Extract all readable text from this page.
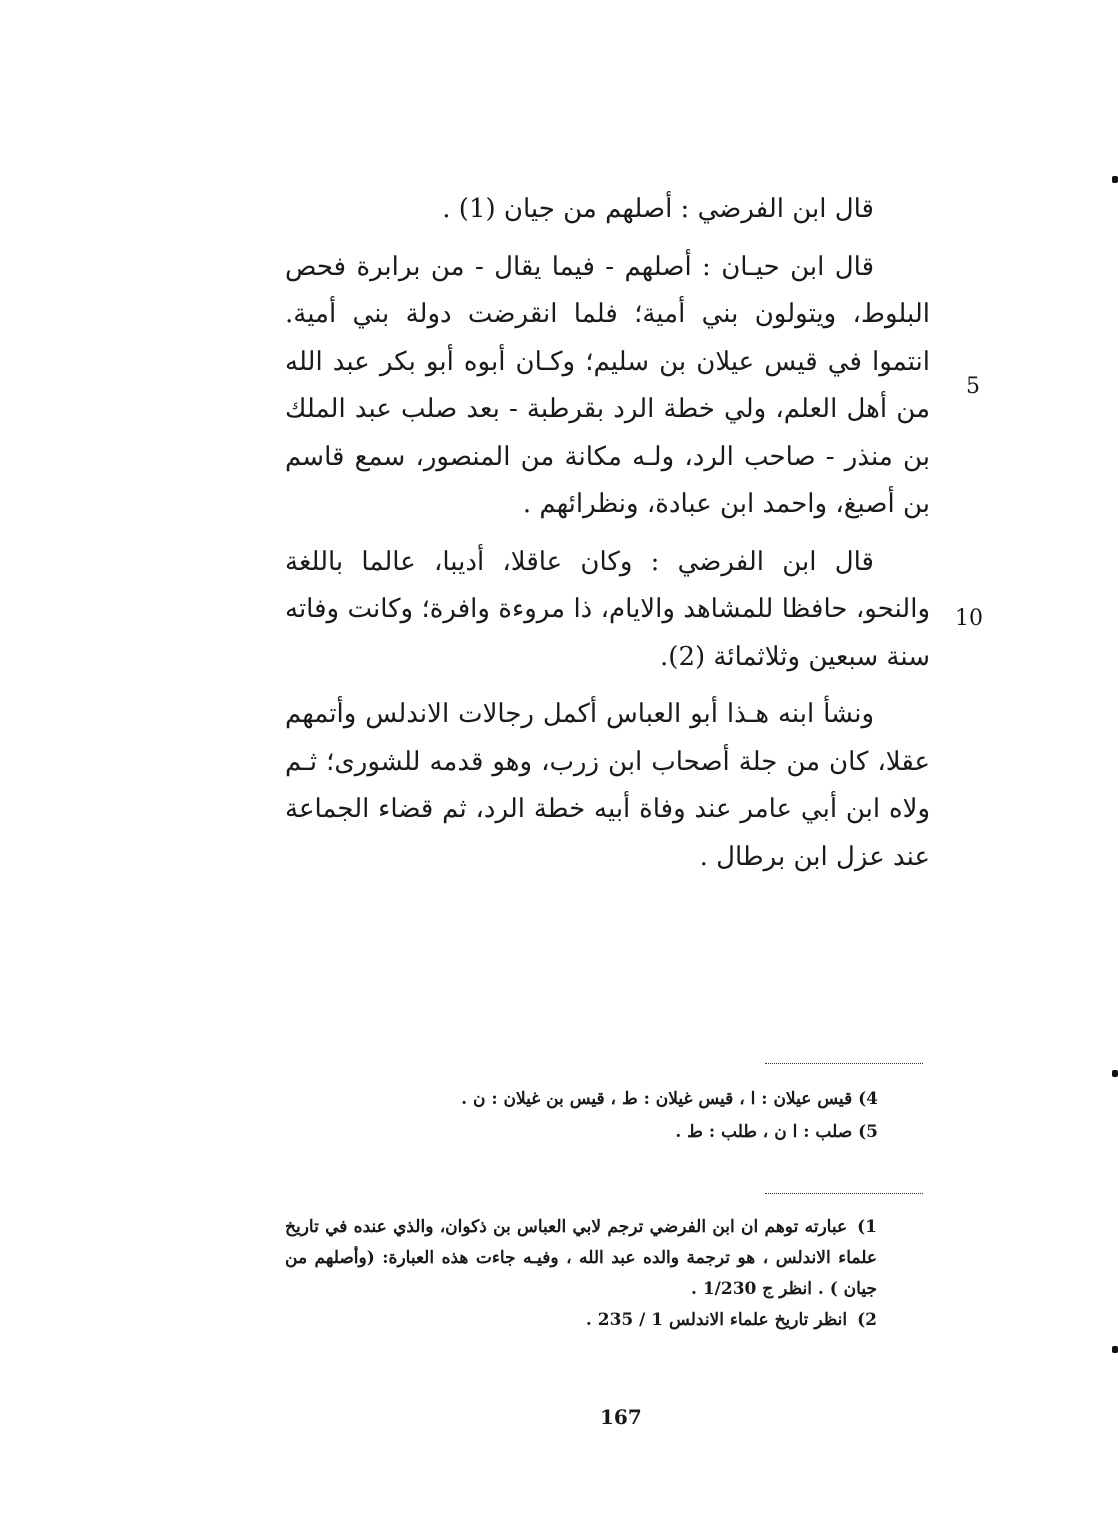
قال ابن الفرضي : أصلهم من جيان (1) .

قال ابن حيـان : أصلهم - فيما يقال - من برابرة فحص البلوط، ويتولون بني أمية؛ فلما انقرضت دولة بني أمية. انتموا في قيس عيلان بن سليم؛ وكـان أبوه أبو بكر عبد الله من أهل العلم، ولي خطة الرد بقرطبة - بعد صلب عبد الملك بن منذر - صاحب الرد، ولـه مكانة من المنصور، سمع قاسم بن أصبغ، واحمد ابن عبادة، ونظرائهم .

قال ابن الفرضي : وكان عاقلا، أديبا، عالما باللغة والنحو، حافظا للمشاهد والايام، ذا مروءة وافرة؛ وكانت وفاته سنة سبعين وثلاثمائة (2).

ونشأ ابنه هـذا أبو العباس أكمل رجالات الاندلس وأتمهم عقلا، كان من جلة أصحاب ابن زرب، وهو قدمه للشورى؛ ثـم ولاه ابن أبي عامر عند وفاة أبيه خطة الرد، ثم قضاء الجماعة عند عزل ابن برطال .

5
10

4) قيس عيلان : ا ، قيس غيلان : ط ، قيس بن غيلان : ن .

5) صلب : ا ن ، طلب : ط .

1)عبارته توهم ان ابن الفرضي ترجم لابي العباس بن ذكوان، والذي عنده في تاريخ علماء الاندلس ، هو ترجمة والده عبد الله ، وفيـه جاءت هذه العبارة: (وأصلهم من جيان ) . انظر ج 1/230 .

2)انظر تاريخ علماء الاندلس 1 / 235 .

167
